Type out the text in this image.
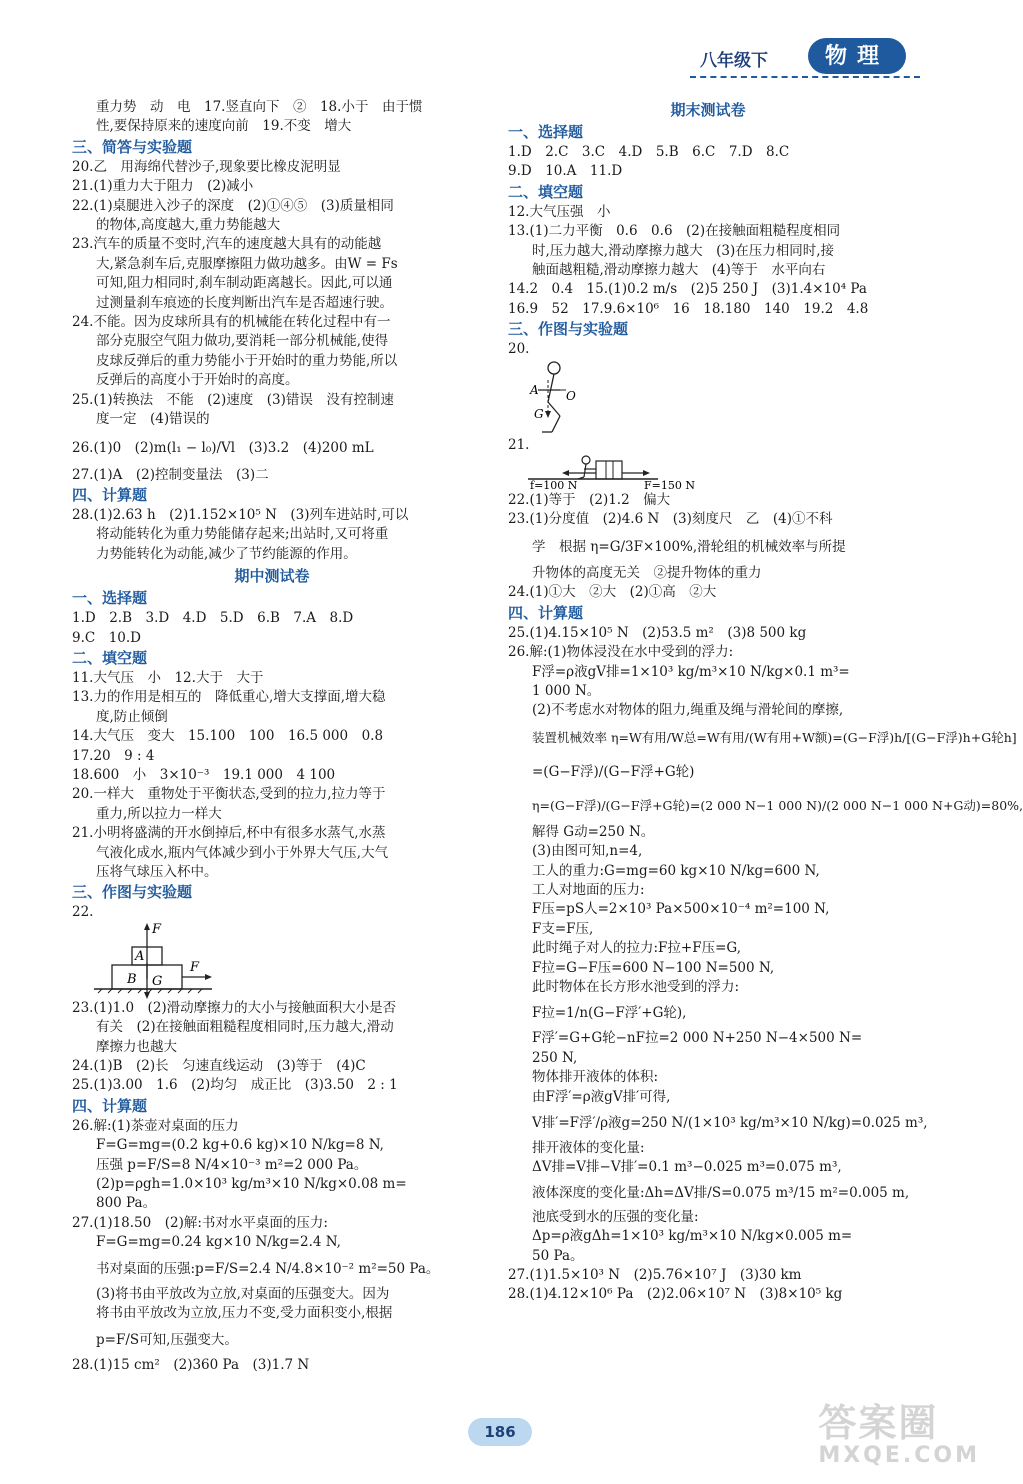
八年级下	物理
重力势　动　电　17.竖直向下　②　18.小于　由于惯
性,要保持原来的速度向前　19.不变　增大
三、简答与实验题
20.乙　用海绵代替沙子,现象要比橡皮泥明显
21.(1)重力大于阻力　(2)减小
22.(1)桌腿进入沙子的深度　(2)①④⑤　(3)质量相同
的物体,高度越大,重力势能越大
23.汽车的质量不变时,汽车的速度越大具有的动能越
大,紧急刹车后,克服摩擦阻力做功越多。由W = Fs
可知,阻力相同时,刹车制动距离越长。因此,可以通
过测量刹车痕迹的长度判断出汽车是否超速行驶。
24.不能。因为皮球所具有的机械能在转化过程中有一
部分克服空气阻力做功,要消耗一部分机械能,使得
皮球反弹后的重力势能小于开始时的重力势能,所以
反弹后的高度小于开始时的高度。
25.(1)转换法　不能　(2)速度　(3)错误　没有控制速
度一定　(4)错误的
26.(1)0　(2)m(l₁ − l₀)/Vl　(3)3.2　(4)200 mL
27.(1)A　(2)控制变量法　(3)二
四、计算题
28.(1)2.63 h　(2)1.152×10⁵ N　(3)列车进站时,可以
将动能转化为重力势能储存起来;出站时,又可将重
力势能转化为动能,减少了节约能源的作用。
期中测试卷
一、选择题
1.D　2.B　3.D　4.D　5.D　6.B　7.A　8.D
9.C　10.D
二、填空题
11.大气压　小　12.大于　大于
13.力的作用是相互的　降低重心,增大支撑面,增大稳
度,防止倾倒
14.大气压　变大　15.100　100　16.5 000　0.8
17.20　9 : 4
18.600　小　3×10⁻³　19.1 000　4 100
20.一样大　重物处于平衡状态,受到的拉力,拉力等于
重力,所以拉力一样大
21.小明将盛满的开水倒掉后,杯中有很多水蒸气,水蒸
气液化成水,瓶内气体减少到小于外界大气压,大气
压将气球压入杯中。
三、作图与实验题
22.
F
A
B G
F
23.(1)1.0　(2)滑动摩擦力的大小与接触面积大小是否
有关　(2)在接触面粗糙程度相同时,压力越大,滑动
摩擦力也越大
24.(1)B　(2)长　匀速直线运动　(3)等于　(4)C
25.(1)3.00　1.6　(2)均匀　成正比　(3)3.50　2 : 1
四、计算题
26.解:(1)茶壶对桌面的压力
F=G=mg=(0.2 kg+0.6 kg)×10 N/kg=8 N,
压强 p=F/S=8 N/4×10⁻³ m²=2 000 Pa。
(2)p=ρgh=1.0×10³ kg/m³×10 N/kg×0.08 m=
800 Pa。
27.(1)18.50　(2)解:书对水平桌面的压力:
F=G=mg=0.24 kg×10 N/kg=2.4 N,
书对桌面的压强:p=F/S=2.4 N/4.8×10⁻² m²=50 Pa。
(3)将书由平放改为立放,对桌面的压强变大。因为
将书由平放改为立放,压力不变,受力面积变小,根据
p=F/S可知,压强变大。
28.(1)15 cm²　(2)360 Pa　(3)1.7 N
期末测试卷
一、选择题
1.D　2.C　3.C　4.D　5.B　6.C　7.D　8.C
9.D　10.A　11.D
二、填空题
12.大气压强　小
13.(1)二力平衡　0.6　0.6　(2)在接触面粗糙程度相同
时,压力越大,滑动摩擦力越大　(3)在压力相同时,接
触面越粗糙,滑动摩擦力越大　(4)等于　水平向右
14.2　0.4　15.(1)0.2 m/s　(2)5 250 J　(3)1.4×10⁴ Pa
16.9　52　17.9.6×10⁶　16　18.180　140　19.2　4.8
三、作图与实验题
20.
A O
G
21.
f=100 N	F=150 N
22.(1)等于　(2)1.2　偏大
23.(1)分度值　(2)4.6 N　(3)刻度尺　乙　(4)①不科
学　根据 η=G/3F×100%,滑轮组的机械效率与所提
升物体的高度无关　②提升物体的重力
24.(1)①大　②大　(2)①高　②大
四、计算题
25.(1)4.15×10⁵ N　(2)53.5 m²　(3)8 500 kg
26.解:(1)物体浸没在水中受到的浮力:
F浮=ρ液gV排=1×10³ kg/m³×10 N/kg×0.1 m³=
1 000 N。
(2)不考虑水对物体的阻力,绳重及绳与滑轮间的摩擦,
装置机械效率 η=W有用/W总=W有用/(W有用+W额)=(G−F浮)h/[(G−F浮)h+G轮h]
=(G−F浮)/(G−F浮+G轮)
η=(G−F浮)/(G−F浮+G轮)=(2 000 N−1 000 N)/(2 000 N−1 000 N+G动)=80%,
解得 G动=250 N。
(3)由图可知,n=4,
工人的重力:G=mg=60 kg×10 N/kg=600 N,
工人对地面的压力:
F压=pS人=2×10³ Pa×500×10⁻⁴ m²=100 N,
F支=F压,
此时绳子对人的拉力:F拉+F压=G,
F拉=G−F压=600 N−100 N=500 N,
此时物体在长方形水池受到的浮力:
F拉=1/n(G−F浮′+G轮),
F浮′=G+G轮−nF拉=2 000 N+250 N−4×500 N=
250 N,
物体排开液体的体积:
由F浮′=ρ液gV排′可得,
V排′=F浮′/ρ液g=250 N/(1×10³ kg/m³×10 N/kg)=0.025 m³,
排开液体的变化量:
ΔV排=V排−V排′=0.1 m³−0.025 m³=0.075 m³,
液体深度的变化量:Δh=ΔV排/S=0.075 m³/15 m²=0.005 m,
池底受到水的压强的变化量:
Δp=ρ液gΔh=1×10³ kg/m³×10 N/kg×0.005 m=
50 Pa。
27.(1)1.5×10³ N　(2)5.76×10⁷ J　(3)30 km
28.(1)4.12×10⁶ Pa　(2)2.06×10⁷ N　(3)8×10⁵ kg
186	答案圈
MXQE.COM
